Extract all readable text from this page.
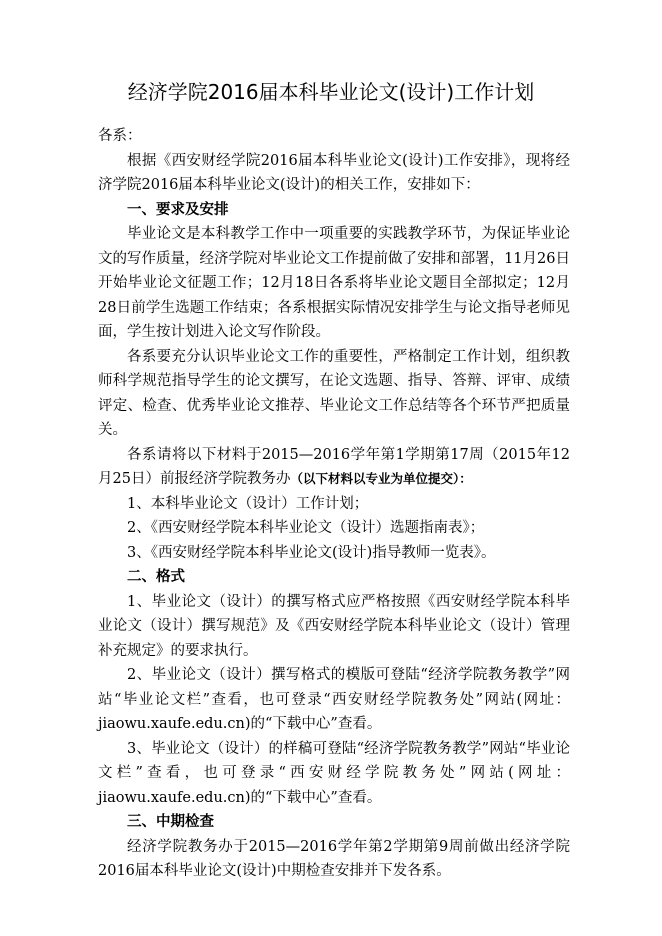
经济学院2016届本科毕业论文(设计)工作计划

各系：

根据《西安财经学院2016届本科毕业论文(设计)工作安排》，现将经济学院2016届本科毕业论文(设计)的相关工作，安排如下：

一、要求及安排

毕业论文是本科教学工作中一项重要的实践教学环节，为保证毕业论文的写作质量，经济学院对毕业论文工作提前做了安排和部署，11月26日开始毕业论文征题工作；12月18日各系将毕业论文题目全部拟定；12月28日前学生选题工作结束；各系根据实际情况安排学生与论文指导老师见面，学生按计划进入论文写作阶段。

各系要充分认识毕业论文工作的重要性，严格制定工作计划，组织教师科学规范指导学生的论文撰写，在论文选题、指导、答辩、评审、成绩评定、检查、优秀毕业论文推荐、毕业论文工作总结等各个环节严把质量关。

各系请将以下材料于2015—2016学年第1学期第17周（2015年12月25日）前报经济学院教务办（以下材料以专业为单位提交）：

1、本科毕业论文（设计）工作计划；

2、《西安财经学院本科毕业论文（设计）选题指南表》；

3、《西安财经学院本科毕业论文(设计)指导教师一览表》。

二、格式

1、毕业论文（设计）的撰写格式应严格按照《西安财经学院本科毕业论文（设计）撰写规范》及《西安财经学院本科毕业论文（设计）管理补充规定》的要求执行。

2、毕业论文（设计）撰写格式的模版可登陆“经济学院教务教学”网站“毕业论文栏”查看，也可登录“西安财经学院教务处”网站(网址：jiaowu.xaufe.edu.cn)的“下载中心”查看。

3、毕业论文（设计）的样稿可登陆“经济学院教务教学”网站“毕业论文栏”查看，也可登录“西安财经学院教务处”网站(网址：jiaowu.xaufe.edu.cn)的“下载中心”查看。

三、中期检查

经济学院教务办于2015—2016学年第2学期第9周前做出经济学院2016届本科毕业论文(设计)中期检查安排并下发各系。
